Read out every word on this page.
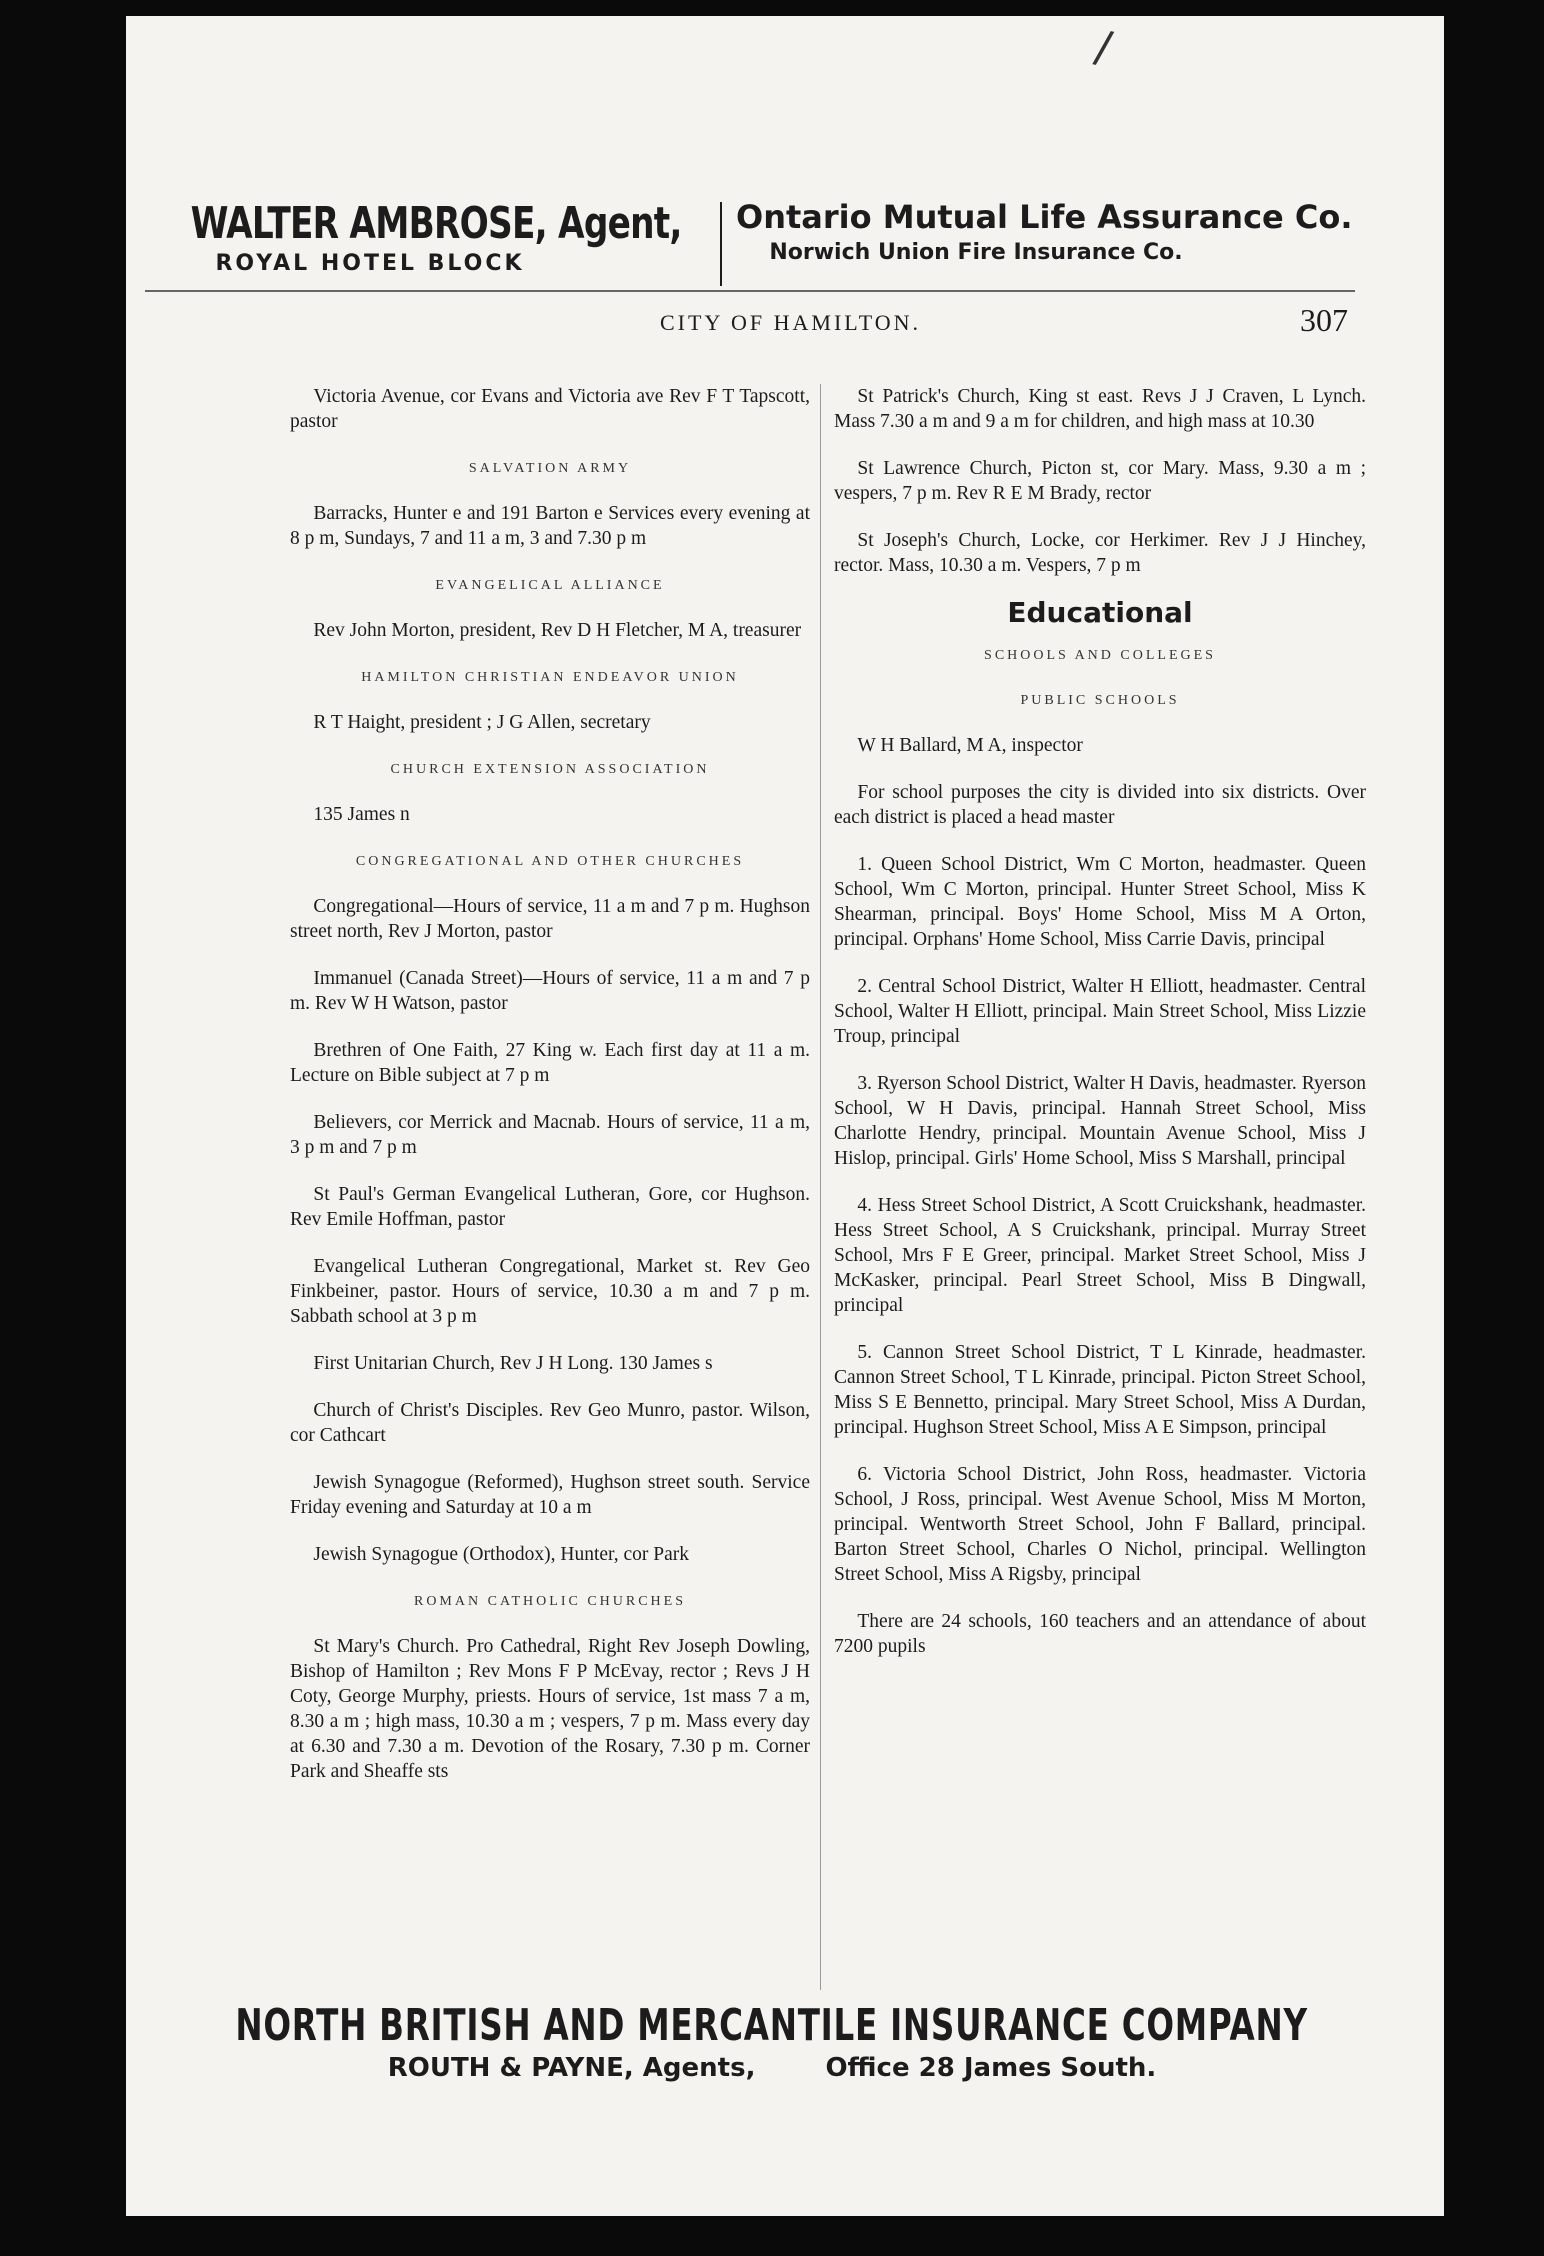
/
WALTER AMBROSE, Agent,
ROYAL HOTEL BLOCK
Ontario Mutual Life Assurance Co.
Norwich Union Fire Insurance Co.
CITY OF HAMILTON.	307
Victoria Avenue, cor Evans and Victoria ave Rev F T Tapscott, pastor
SALVATION ARMY
Barracks, Hunter e and 191 Barton e Services every evening at 8 p m, Sundays, 7 and 11 a m, 3 and 7.30 p m
EVANGELICAL ALLIANCE
Rev John Morton, president, Rev D H Fletcher, M A, treasurer
HAMILTON CHRISTIAN ENDEAVOR UNION
R T Haight, president ; J G Allen, secretary
CHURCH EXTENSION ASSOCIATION
135 James n
CONGREGATIONAL AND OTHER CHURCHES
Congregational—Hours of service, 11 a m and 7 p m. Hughson street north, Rev J Morton, pastor
Immanuel (Canada Street)—Hours of service, 11 a m and 7 p m. Rev W H Watson, pastor
Brethren of One Faith, 27 King w. Each first day at 11 a m. Lecture on Bible subject at 7 p m
Believers, cor Merrick and Macnab. Hours of service, 11 a m, 3 p m and 7 p m
St Paul's German Evangelical Lutheran, Gore, cor Hughson. Rev Emile Hoffman, pastor
Evangelical Lutheran Congregational, Market st. Rev Geo Finkbeiner, pastor. Hours of service, 10.30 a m and 7 p m. Sabbath school at 3 p m
First Unitarian Church, Rev J H Long. 130 James s
Church of Christ's Disciples. Rev Geo Munro, pastor. Wilson, cor Cathcart
Jewish Synagogue (Reformed), Hughson street south. Service Friday evening and Saturday at 10 a m
Jewish Synagogue (Orthodox), Hunter, cor Park
ROMAN CATHOLIC CHURCHES
St Mary's Church. Pro Cathedral, Right Rev Joseph Dowling, Bishop of Hamilton ; Rev Mons F P McEvay, rector ; Revs J H Coty, George Murphy, priests. Hours of service, 1st mass 7 a m, 8.30 a m ; high mass, 10.30 a m ; vespers, 7 p m. Mass every day at 6.30 and 7.30 a m. Devotion of the Rosary, 7.30 p m. Corner Park and Sheaffe sts
St Patrick's Church, King st east. Revs J J Craven, L Lynch. Mass 7.30 a m and 9 a m for children, and high mass at 10.30
St Lawrence Church, Picton st, cor Mary. Mass, 9.30 a m ; vespers, 7 p m. Rev R E M Brady, rector
St Joseph's Church, Locke, cor Herkimer. Rev J J Hinchey, rector. Mass, 10.30 a m. Vespers, 7 p m
Educational
SCHOOLS AND COLLEGES
PUBLIC SCHOOLS
W H Ballard, M A, inspector
For school purposes the city is divided into six districts. Over each district is placed a head master
1. Queen School District, Wm C Morton, headmaster. Queen School, Wm C Morton, principal. Hunter Street School, Miss K Shearman, principal. Boys' Home School, Miss M A Orton, principal. Orphans' Home School, Miss Carrie Davis, principal
2. Central School District, Walter H Elliott, headmaster. Central School, Walter H Elliott, principal. Main Street School, Miss Lizzie Troup, principal
3. Ryerson School District, Walter H Davis, headmaster. Ryerson School, W H Davis, principal. Hannah Street School, Miss Charlotte Hendry, principal. Mountain Avenue School, Miss J Hislop, principal. Girls' Home School, Miss S Marshall, principal
4. Hess Street School District, A Scott Cruickshank, headmaster. Hess Street School, A S Cruickshank, principal. Murray Street School, Mrs F E Greer, principal. Market Street School, Miss J McKasker, principal. Pearl Street School, Miss B Dingwall, principal
5. Cannon Street School District, T L Kinrade, headmaster. Cannon Street School, T L Kinrade, principal. Picton Street School, Miss S E Bennetto, principal. Mary Street School, Miss A Durdan, principal. Hughson Street School, Miss A E Simpson, principal
6. Victoria School District, John Ross, headmaster. Victoria School, J Ross, principal. West Avenue School, Miss M Morton, principal. Wentworth Street School, John F Ballard, principal. Barton Street School, Charles O Nichol, principal. Wellington Street School, Miss A Rigsby, principal
There are 24 schools, 160 teachers and an attendance of about 7200 pupils
NORTH BRITISH AND MERCANTILE INSURANCE COMPANY
ROUTH & PAYNE, Agents,	Office 28 James South.
